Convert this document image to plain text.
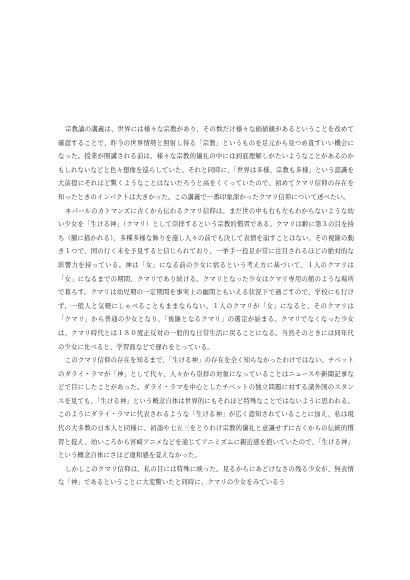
宗教論の講義は、世界には様々な宗教があり、その数だけ様々な価値観があるということを改めて確認することで、昨今の世界情勢と照射し得る「宗教」というものを足元から見つめ直すいい機会になった。授業が開講される前は、様々な宗教的儀礼の中には到底理解しがたいようなことがあるのかもしれないなどと色々想像を巡らしていた。それと同時に、「世界は多様、宗教も多様」という認識を大前提にそれほど驚くようなことはないだろうと高をくくっていたので、初めてクマリ信仰の存在を知ったときのインパクトは大きかった。この講義で一番印象深かったクマリ信仰について述べたい。

ネパールのカトマンズに古くから伝わるクマリ信仰は、まだ世の中も右も左もわからないような幼い少女を「生ける神」（クマリ）として崇拝するという宗教的慣習である。クマリは齢に第３の目を持ち（額に描かれる）、多種多様な飾りを施し人々の前でも決して表情を崩すことはない。その視線の動き１つで、国の行く末を予見すると信じられており、一挙手一投足が常に注目されるほどの絶対的な影響力を持っている。神は「女」になる前の少女に宿るという考え方に基づいて、１人のクマリは「女」になるまでの期間、クマリであり続ける。クマリとなった少女はクマリ専用の館のような場所で暮らす。クマリは幼児期の一定期間を事実上の幽閉ともいえる状況下で過ごすので、学校にも行けず、一般人と気軽にしゃべることもままならない。１人のクマリが「女」になると、そのクマリは「クマリ」から普通の少女となり、「後継となるクマリ」の選定が始まる。クマリでなくなった少女は、クマリ時代とは１８０度正反対の一般的な日常生活に戻ることになる。当然そのときには同年代の少女に比べると、学習面などで遅れをとっている。

このクマリ信仰の存在を知るまで、「生ける神」の存在を全く知らなかったわけではない。チベットのダライ・ラマが「神」として代々、人々から崇拝の対象になっていることはニュースや新聞記事などで目にしたことがあった。ダライ・ラマを中心としたチベットの独立問題に対する諸外国のスタンスを見ても、「生ける神」という概念自体は世界的にもそれほど特殊なことではないように思われる。このようにダライ・ラマに代表されるような「生ける神」が広く認知されていることに加え、私は現代の大多数の日本人と同様に、初詣や七五三をとりわけ宗教的儀礼と意識せずに古くからの伝統的慣習と捉え、幼いころから宮崎アニメなどを通じてアニミズムに親近感を抱いていたので、「生ける神」という概念自体にさほど違和感を覚えなかった。

しかしこのクマリ信仰は、私の目には特殊に映った。見るからにあどけなさの残る少女が、無表情な「神」であるということに大変驚いたと同時に、クマリの少女をみているう
